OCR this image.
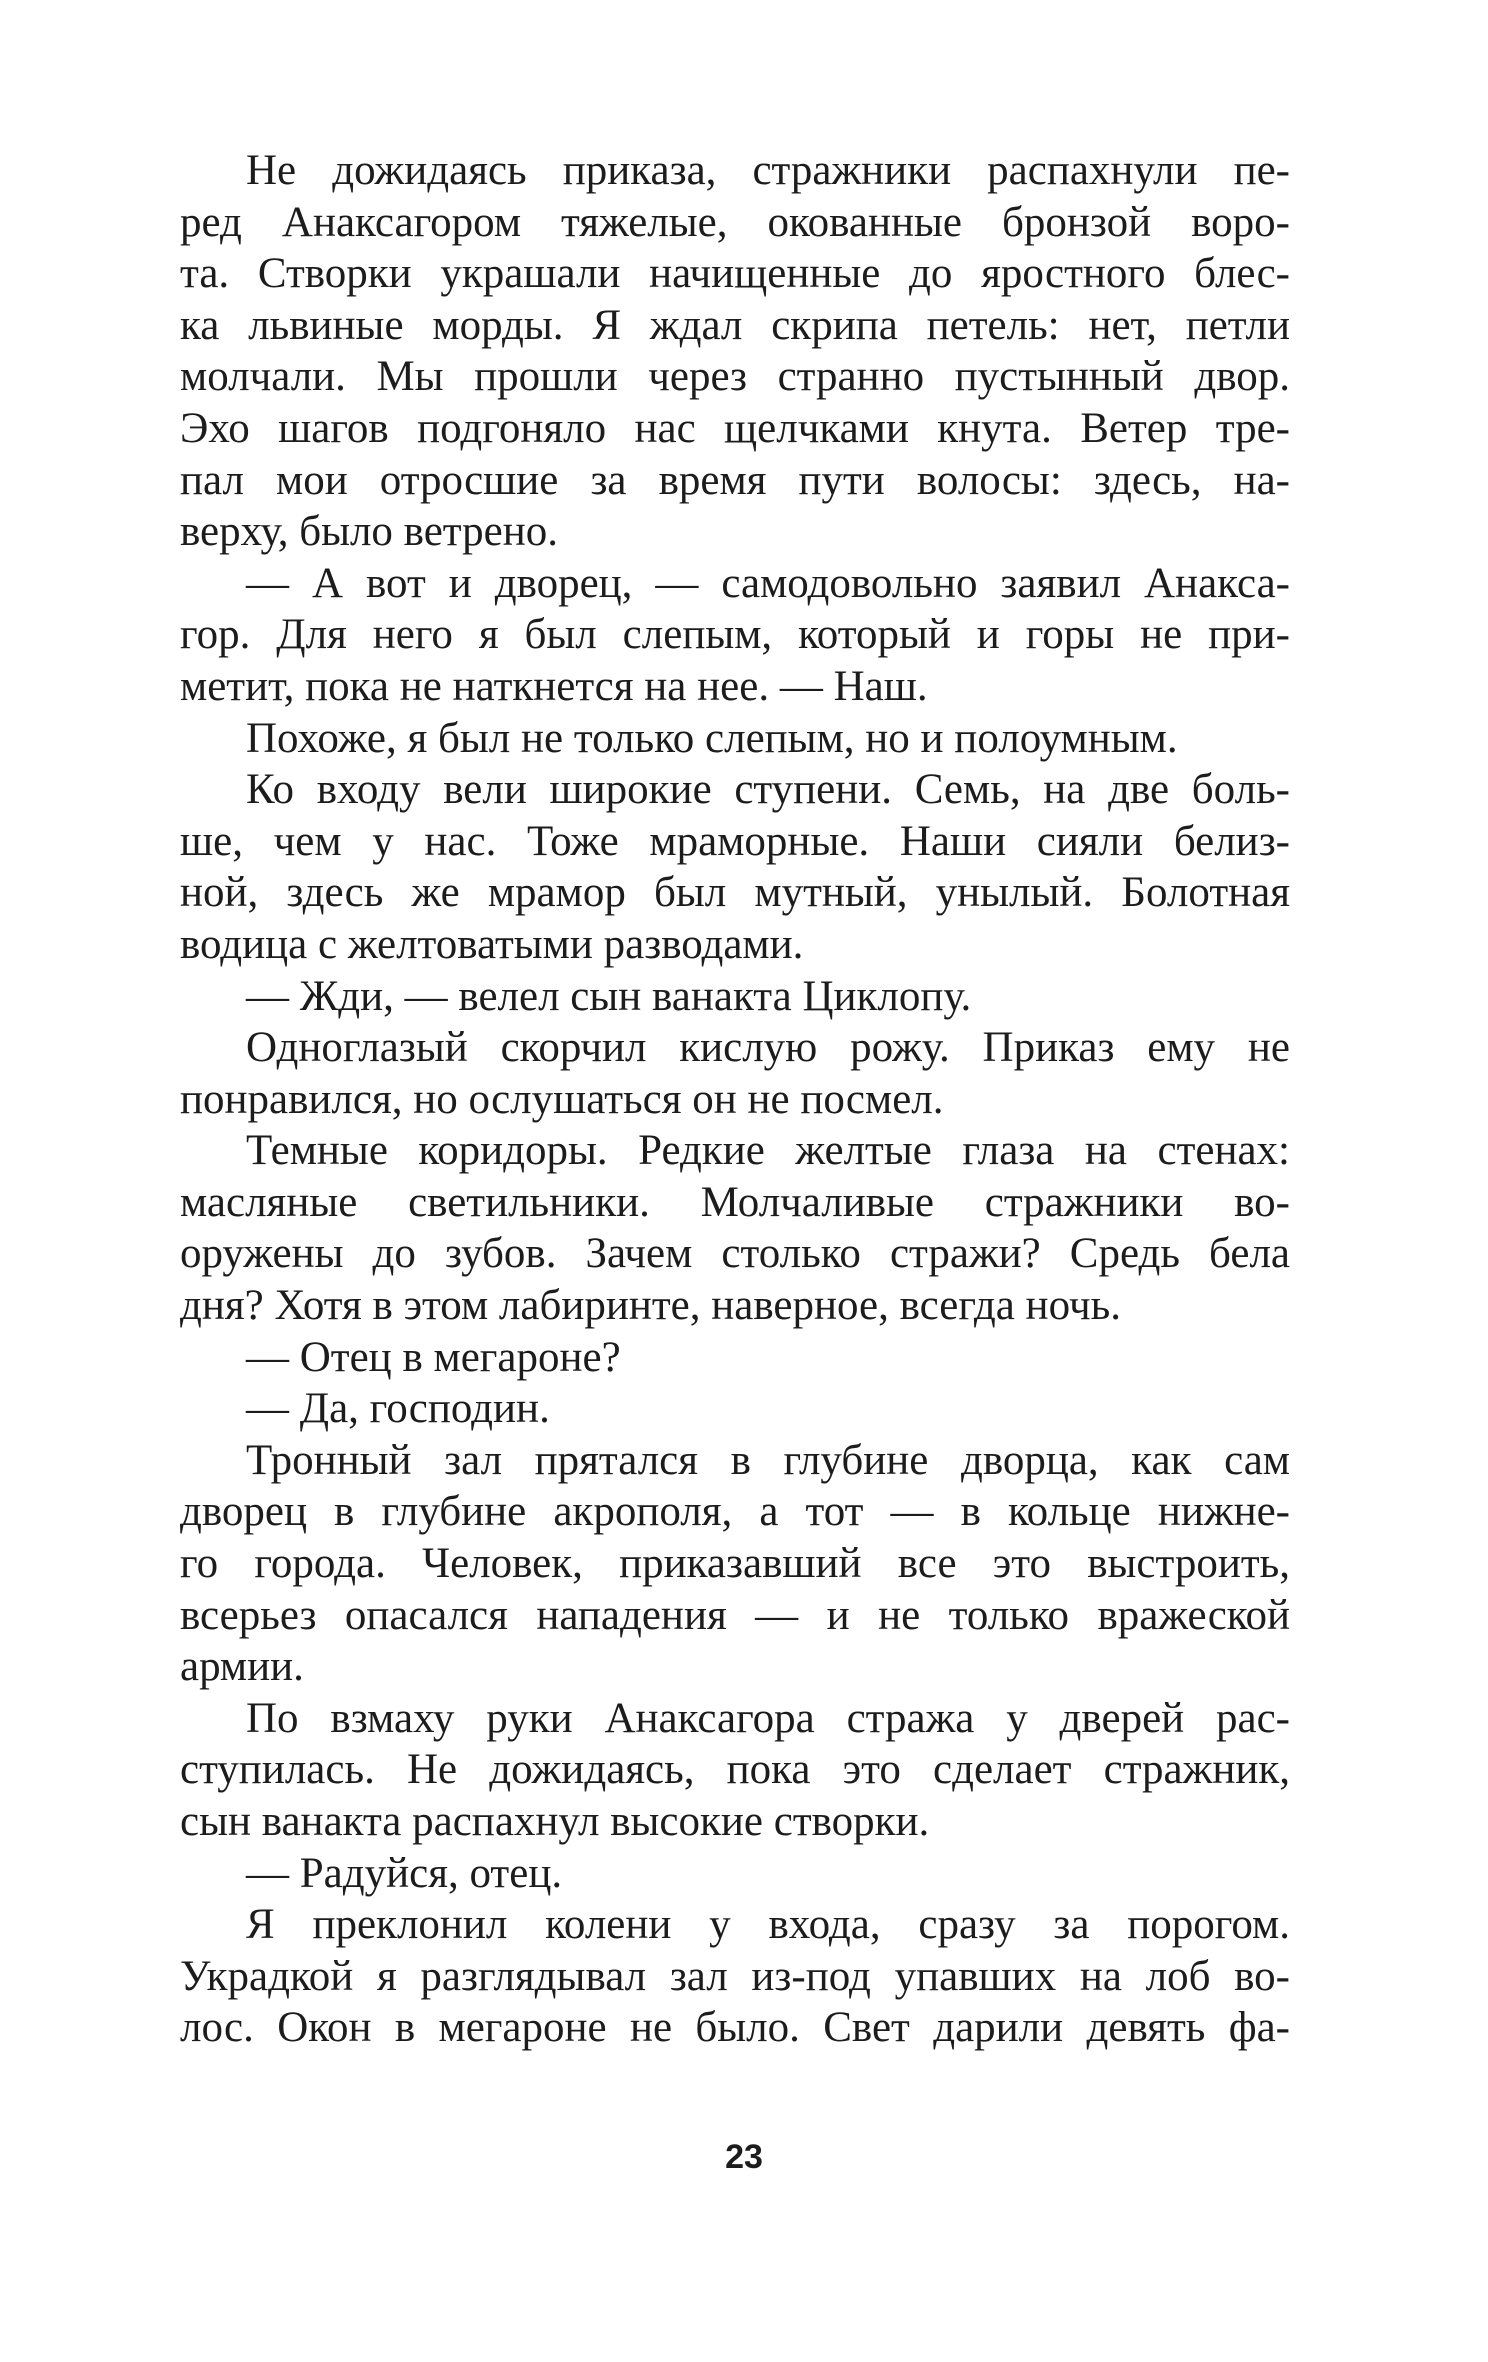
Не дожидаясь приказа, стражники распахнули пе-
ред Анаксагором тяжелые, окованные бронзой воро-
та. Створки украшали начищенные до яростного блес-
ка львиные морды. Я ждал скрипа петель: нет, петли
молчали. Мы прошли через странно пустынный двор.
Эхо шагов подгоняло нас щелчками кнута. Ветер тре-
пал мои отросшие за время пути волосы: здесь, на-
верху, было ветрено.
— А вот и дворец, — самодовольно заявил Анакса-
гор. Для него я был слепым, который и горы не при-
метит, пока не наткнется на нее. — Наш.
Похоже, я был не только слепым, но и полоумным.
Ко входу вели широкие ступени. Семь, на две боль-
ше, чем у нас. Тоже мраморные. Наши сияли белиз-
ной, здесь же мрамор был мутный, унылый. Болотная
водица с желтоватыми разводами.
— Жди, — велел сын ванакта Циклопу.
Одноглазый скорчил кислую рожу. Приказ ему не
понравился, но ослушаться он не посмел.
Темные коридоры. Редкие желтые глаза на стенах:
масляные светильники. Молчаливые стражники во-
оружены до зубов. Зачем столько стражи? Средь бела
дня? Хотя в этом лабиринте, наверное, всегда ночь.
— Отец в мегароне?
— Да, господин.
Тронный зал прятался в глубине дворца, как сам
дворец в глубине акрополя, а тот — в кольце нижне-
го города. Человек, приказавший все это выстроить,
всерьез опасался нападения — и не только вражеской
армии.
По взмаху руки Анаксагора стража у дверей рас-
ступилась. Не дожидаясь, пока это сделает стражник,
сын ванакта распахнул высокие створки.
— Радуйся, отец.
Я преклонил колени у входа, сразу за порогом.
Украдкой я разглядывал зал из-под упавших на лоб во-
лос. Окон в мегароне не было. Свет дарили девять фа-
23
